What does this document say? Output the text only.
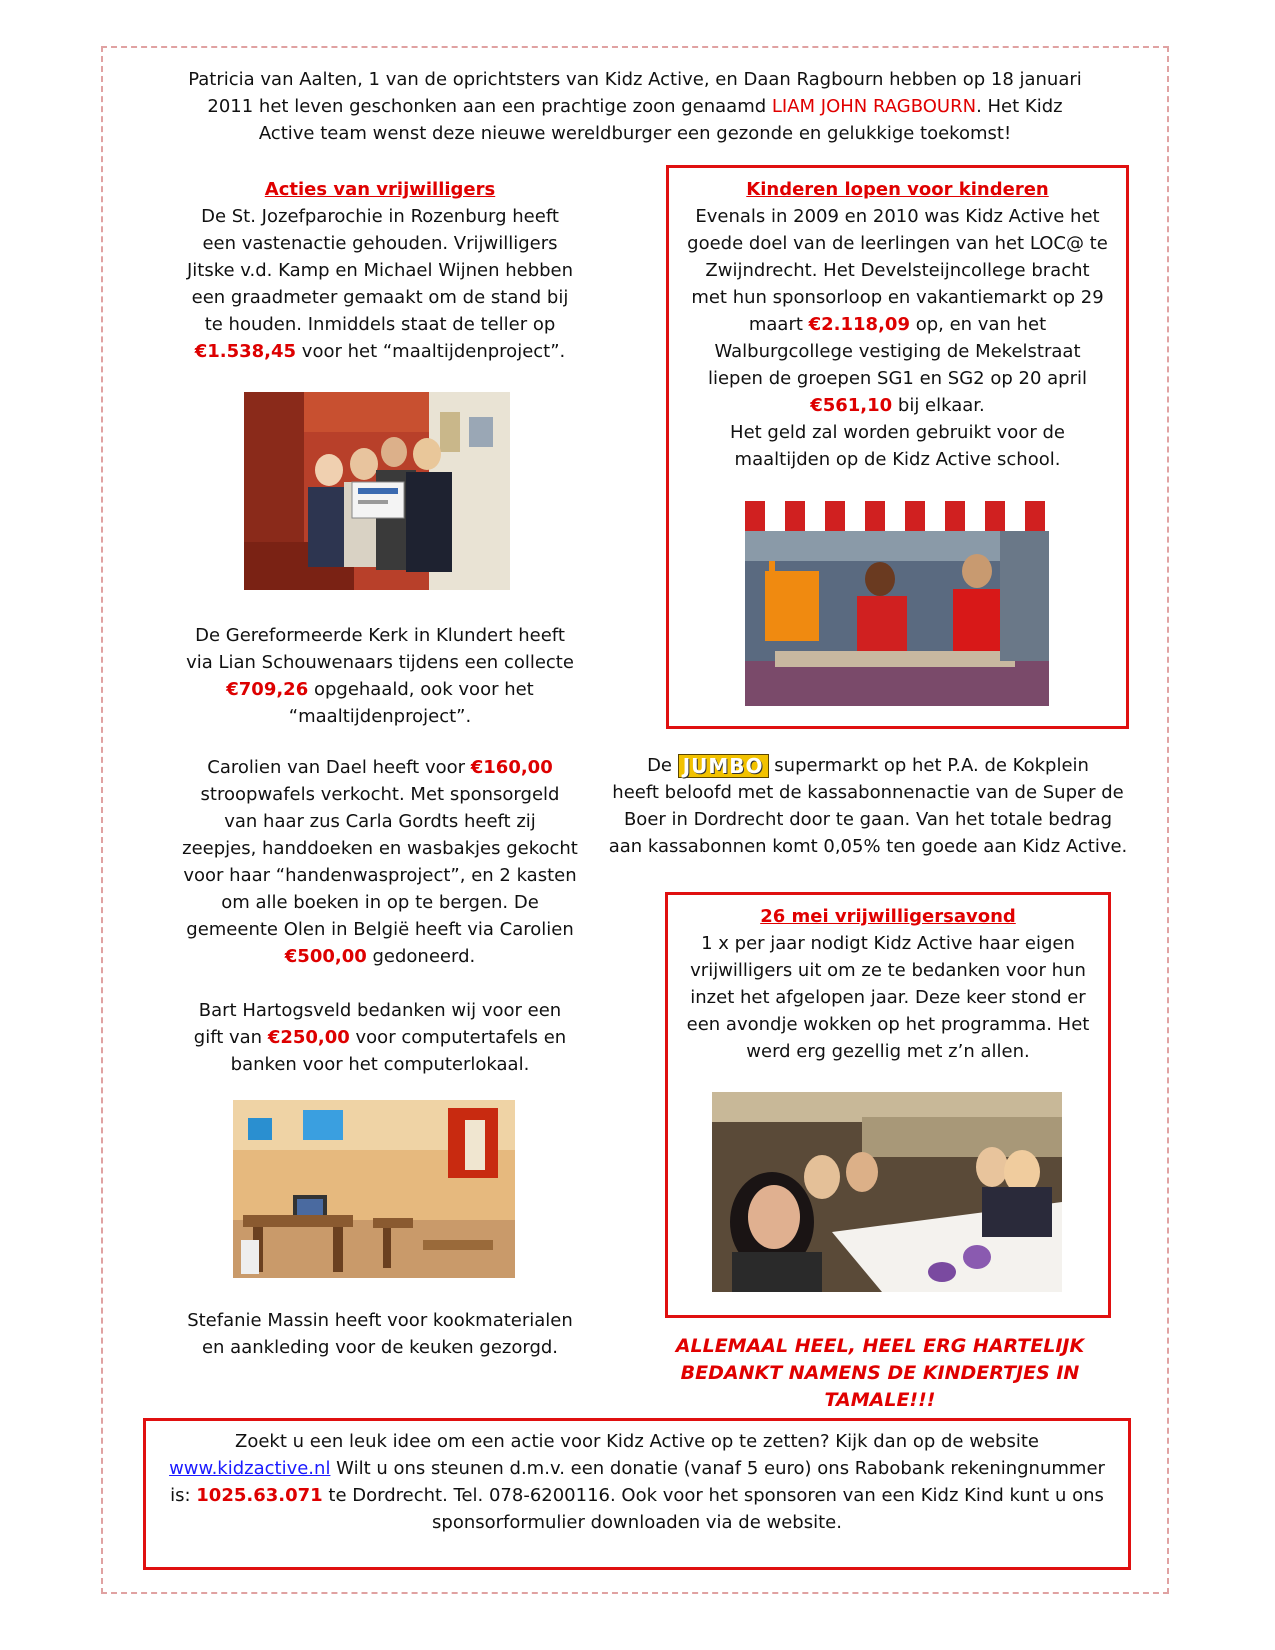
Patricia van Aalten, 1 van de oprichtsters van Kidz Active, en Daan Ragbourn hebben op 18 januari
2011 het leven geschonken aan een prachtige zoon genaamd LIAM JOHN RAGBOURN. Het Kidz
Active team wenst deze nieuwe wereldburger een gezonde en gelukkige toekomst!
Acties van vrijwilligers
De St. Jozefparochie in Rozenburg heeft
een vastenactie gehouden. Vrijwilligers
Jitske v.d. Kamp en Michael Wijnen hebben
een graadmeter gemaakt om de stand bij
te houden. Inmiddels staat de teller op
€1.538,45 voor het “maaltijdenproject”.
De Gereformeerde Kerk in Klundert heeft
via Lian Schouwenaars tijdens een collecte
€709,26 opgehaald, ook voor het
“maaltijdenproject”.
Carolien van Dael heeft voor €160,00
stroopwafels verkocht. Met sponsorgeld
van haar zus Carla Gordts heeft zij
zeepjes, handdoeken en wasbakjes gekocht
voor haar “handenwasproject”, en 2 kasten
om alle boeken in op te bergen. De
gemeente Olen in België heeft via Carolien
€500,00 gedoneerd.
Bart Hartogsveld bedanken wij voor een
gift van €250,00 voor computertafels en
banken voor het computerlokaal.
Stefanie Massin heeft voor kookmaterialen
en aankleding voor de keuken gezorgd.
Kinderen lopen voor kinderen
Evenals in 2009 en 2010 was Kidz Active het
goede doel van de leerlingen van het LOC@ te
Zwijndrecht. Het Develsteijncollege bracht
met hun sponsorloop en vakantiemarkt op 29
maart €2.118,09 op, en van het
Walburgcollege vestiging de Mekelstraat
liepen de groepen SG1 en SG2 op 20 april
€561,10 bij elkaar.
Het geld zal worden gebruikt voor de
maaltijden op de Kidz Active school.
De JUMBO supermarkt op het P.A. de Kokplein
heeft beloofd met de kassabonnenactie van de Super de
Boer in Dordrecht door te gaan. Van het totale bedrag
aan kassabonnen komt 0,05% ten goede aan Kidz Active.
26 mei vrijwilligersavond
1 x per jaar nodigt Kidz Active haar eigen
vrijwilligers uit om ze te bedanken voor hun
inzet het afgelopen jaar. Deze keer stond er
een avondje wokken op het programma. Het
werd erg gezellig met z’n allen.
ALLEMAAL HEEL, HEEL ERG HARTELIJK
BEDANKT NAMENS DE KINDERTJES IN
TAMALE!!!
Zoekt u een leuk idee om een actie voor Kidz Active op te zetten? Kijk dan op de website
www.kidzactive.nl Wilt u ons steunen d.m.v. een donatie (vanaf 5 euro) ons Rabobank rekeningnummer
is: 1025.63.071 te Dordrecht. Tel. 078-6200116. Ook voor het sponsoren van een Kidz Kind kunt u ons
sponsorformulier downloaden via de website.
